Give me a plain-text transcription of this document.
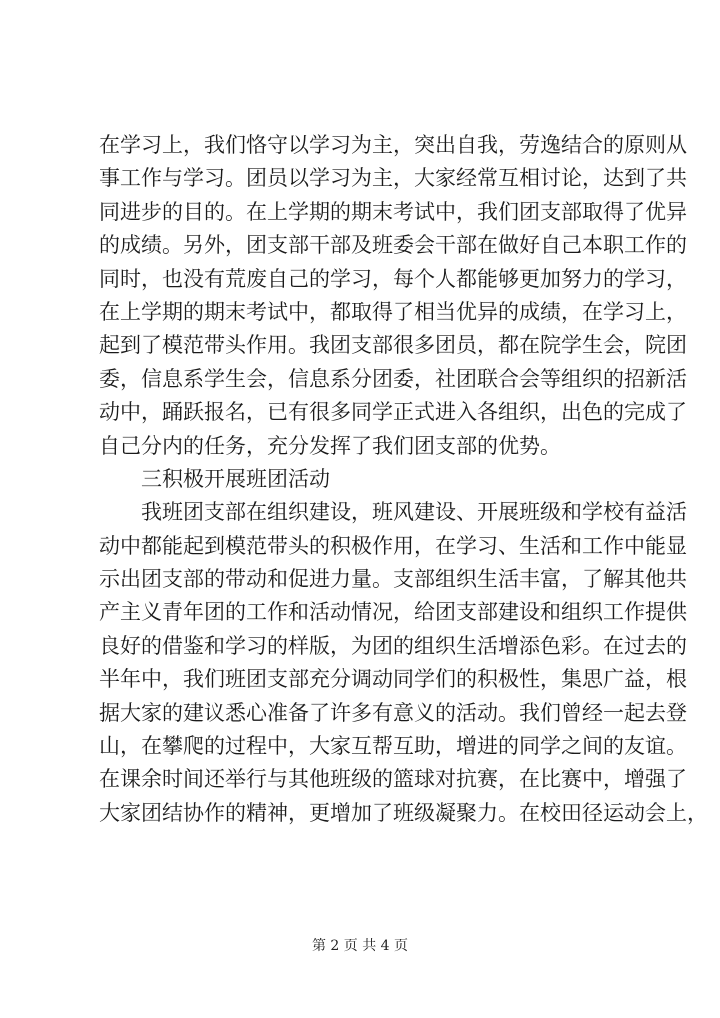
在学习上，我们恪守以学习为主，突出自我，劳逸结合的原则从
事工作与学习。团员以学习为主，大家经常互相讨论，达到了共
同进步的目的。在上学期的期末考试中，我们团支部取得了优异
的成绩。另外，团支部干部及班委会干部在做好自己本职工作的
同时，也没有荒废自己的学习，每个人都能够更加努力的学习，
在上学期的期末考试中，都取得了相当优异的成绩，在学习上，
起到了模范带头作用。我团支部很多团员，都在院学生会，院团
委，信息系学生会，信息系分团委，社团联合会等组织的招新活
动中，踊跃报名，已有很多同学正式进入各组织，出色的完成了
自己分内的任务，充分发挥了我们团支部的优势。
三积极开展班团活动
我班团支部在组织建设，班风建设、开展班级和学校有益活
动中都能起到模范带头的积极作用，在学习、生活和工作中能显
示出团支部的带动和促进力量。支部组织生活丰富，了解其他共
产主义青年团的工作和活动情况，给团支部建设和组织工作提供
良好的借鉴和学习的样版，为团的组织生活增添色彩。在过去的
半年中，我们班团支部充分调动同学们的积极性，集思广益，根
据大家的建议悉心准备了许多有意义的活动。我们曾经一起去登
山，在攀爬的过程中，大家互帮互助，增进的同学之间的友谊。
在课余时间还举行与其他班级的篮球对抗赛，在比赛中，增强了
大家团结协作的精神，更增加了班级凝聚力。在校田径运动会上，
第 2 页 共 4 页
